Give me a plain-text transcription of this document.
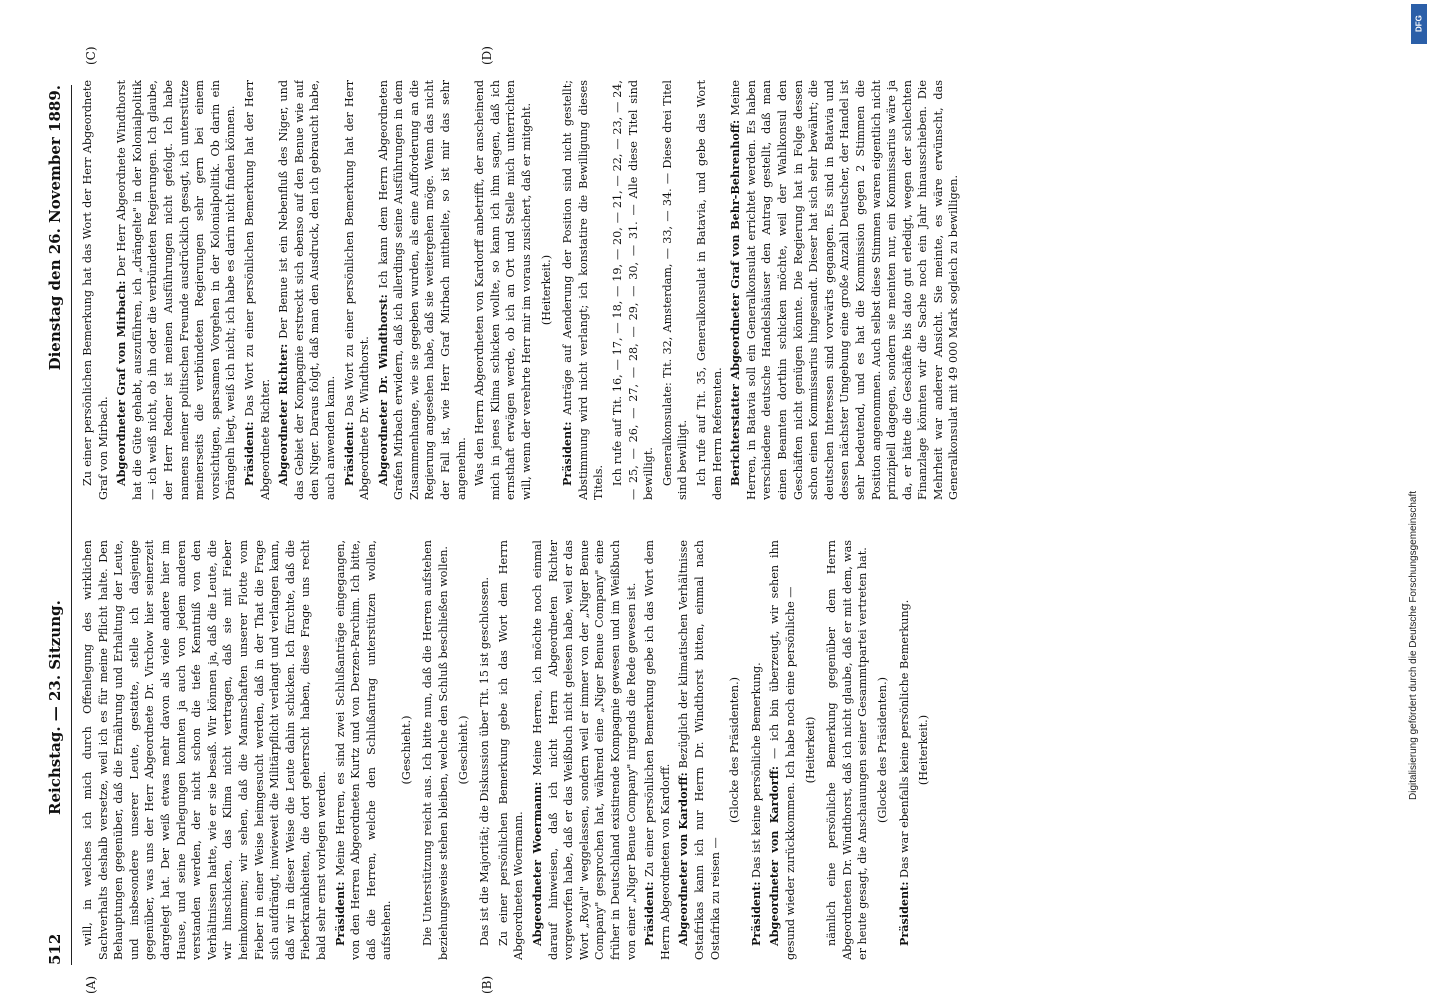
512
Reichstag. — 23. Sitzung.
Dienstag den 26. November 1889.
(A)	(B)
(C)	(D)

will, in welches ich mich durch Offenlegung des wirklichen Sachverhalts deshalb versetze, weil ich es für meine Pflicht halte. Den Behauptungen gegenüber, daß die Ernährung und Erhaltung der Leute, und insbesondere unserer Leute, gestatte, stelle ich dasjenige gegenüber, was uns der Herr Abgeordnete Dr. Virchow hier seinerzeit dargelegt hat. Der weiß etwas mehr davon als viele andere hier im Hause, und seine Darlegungen konnten ja auch von jedem anderen verstanden werden, der nicht schon die tiefe Kenntniß von den Verhältnissen hatte, wie er sie besaß. Wir können ja, daß die Leute, die wir hinschicken, das Klima nicht vertragen, daß sie mit Fieber heimkommen; wir sehen, daß die Mannschaften unserer Flotte vom Fieber in einer Weise heimgesucht werden, daß in der That die Frage sich aufdrängt, inwieweit die Militärpflicht verlangt und verlangen kann, daß wir in dieser Weise die Leute dahin schicken. Ich fürchte, daß die Fieberkrankheiten, die dort geherrscht haben, diese Frage uns recht bald sehr ernst vorlegen werden. Präsident: Meine Herren, es sind zwei Schlußanträge eingegangen, von den Herren Abgeordneten Kurtz und von Derzen-Parchim. Ich bitte, daß die Herren, welche den Schlußantrag unterstützen wollen, aufstehen.

(Geschieht.) Die Unterstützung reicht aus. Ich bitte nun, daß die Herren aufstehen beziehungsweise stehen bleiben, welche den Schluß beschließen wollen. (Geschieht.) Das ist die Majorität; die Diskussion über Tit. 15 ist geschlossen. Zu einer persönlichen Bemerkung gebe ich das Wort dem Herrn Abgeordneten Woermann. Abgeordneter Woermann: Meine Herren, ich möchte noch einmal darauf hinweisen, daß ich nicht Herrn Abgeordneten Richter vorgeworfen habe, daß er das Weißbuch nicht gelesen habe, weil er das Wort „Royal" weggelassen, sondern weil er immer von der „Niger Benue Company" gesprochen hat, während eine „Niger Benue Company" eine früher in Deutschland existirende Kompagnie gewesen und im Weißbuch von einer „Niger Benue Company" nirgends die Rede gewesen ist. Präsident: Zu einer persönlichen Bemerkung gebe ich das Wort dem Herrn Abgeordneten von Kardorff. Abgeordneter von Kardorff: Bezüglich der klimatischen Verhältnisse Ostafrikas kann ich nur Herrn Dr. Windthorst bitten, einmal nach Ostafrika zu reisen —

(Glocke des Präsidenten.)

Präsident: Das ist keine persönliche Bemerkung. Abgeordneter von Kardorff: — ich bin überzeugt, wir sehen ihn gesund wieder zurückkommen. Ich habe noch eine persönliche — (Heiterkeit) nämlich eine persönliche Bemerkung gegenüber dem Herrn Abgeordneten Dr. Windthorst, daß ich nicht glaube, daß er mit dem, was er heute gesagt, die Anschauungen seiner Gesammtpartei vertreten hat. (Glocke des Präsidenten.)

Präsident: Das war ebenfalls keine persönliche Bemerkung. (Heiterkeit.)

Zu einer persönlichen Bemerkung hat das Wort der Herr Abgeordnete Graf von Mirbach. Abgeordneter Graf von Mirbach: Der Herr Abgeordnete Windthorst hat die Güte gehabt, auszuführen, ich „drängelte" in der Kolonialpolitik — ich weiß nicht, ob ihn oder die verbündeten Regierungen. Ich glaube, der Herr Redner ist meinen Ausführungen nicht gefolgt. Ich habe namens meiner politischen Freunde ausdrücklich gesagt, ich unterstütze meinerseits die verbündeten Regierungen sehr gern bei einem vorsichtigen, sparsamen Vorgehen in der Kolonialpolitik. Ob darin ein Drängeln liegt, weiß ich nicht; ich habe es darin nicht finden können. Präsident: Das Wort zu einer persönlichen Bemerkung hat der Herr Abgeordnete Richter. Abgeordneter Richter: Der Benue ist ein Nebenfluß des Niger, und das Gebiet der Kompagnie erstreckt sich ebenso auf den Benue wie auf den Niger. Daraus folgt, daß man den Ausdruck, den ich gebraucht habe, auch anwenden kann. Präsident: Das Wort zu einer persönlichen Bemerkung hat der Herr Abgeordnete Dr. Windthorst. Abgeordneter Dr. Windthorst: Ich kann dem Herrn Abgeordneten Grafen Mirbach erwidern, daß ich allerdings seine Ausführungen in dem Zusammenhange, wie sie gegeben wurden, als eine Aufforderung an die Regierung angesehen habe, daß sie weitergehen möge. Wenn das nicht der Fall ist, wie Herr Graf Mirbach mittheilte, so ist mir das sehr angenehm. Was den Herrn Abgeordneten von Kardorff anbetrifft, der anscheinend mich in jenes Klima schicken wollte, so kann ich ihm sagen, daß ich ernsthaft erwägen werde, ob ich an Ort und Stelle mich unterrichten will, wenn der verehrte Herr mir im voraus zusichert, daß er mitgeht. (Heiterkeit.)

Präsident: Anträge auf Aenderung der Position sind nicht gestellt; Abstimmung wird nicht verlangt; ich konstatire die Bewilligung dieses Titels. Ich rufe auf Tit. 16, — 17, — 18, — 19, — 20, — 21, — 22, — 23, — 24, — 25, — 26, — 27, — 28, — 29, — 30, — 31. — Alle diese Titel sind bewilligt. Generalkonsulate: Tit. 32, Amsterdam, — 33, — 34. — Diese drei Titel sind bewilligt. Ich rufe auf Tit. 35, Generalkonsulat in Batavia, und gebe das Wort dem Herrn Referenten. Berichterstatter Abgeordneter Graf von Behr-Behrenhoff: Meine Herren, in Batavia soll ein Generalkonsulat errichtet werden. Es haben verschiedene deutsche Handelshäuser den Antrag gestellt, daß man einen Beamten dorthin schicken möchte, weil der Wahlkonsul den Geschäften nicht genügen könnte. Die Regierung hat in Folge dessen schon einen Kommissarius hingesandt. Dieser hat sich sehr bewährt; die deutschen Interessen sind vorwärts gegangen. Es sind in Batavia und dessen nächster Umgebung eine große Anzahl Deutscher, der Handel ist sehr bedeutend, und es hat die Kommission gegen 2 Stimmen die Position angenommen. Auch selbst diese Stimmen waren eigentlich nicht prinzipiell dagegen, sondern sie meinten nur, ein Kommissarius wäre ja da, er hätte die Geschäfte bis dato gut erledigt, wegen der schlechten Finanzlage könnten wir die Sache noch ein Jahr hinausschieben. Die Mehrheit war anderer Ansicht. Sie meinte, es wäre erwünscht, das Generalkonsulat mit 49 000 Mark sogleich zu bewilligen.

DFG
Digitalisierung gefördert durch die Deutsche Forschungsgemeinschaft
